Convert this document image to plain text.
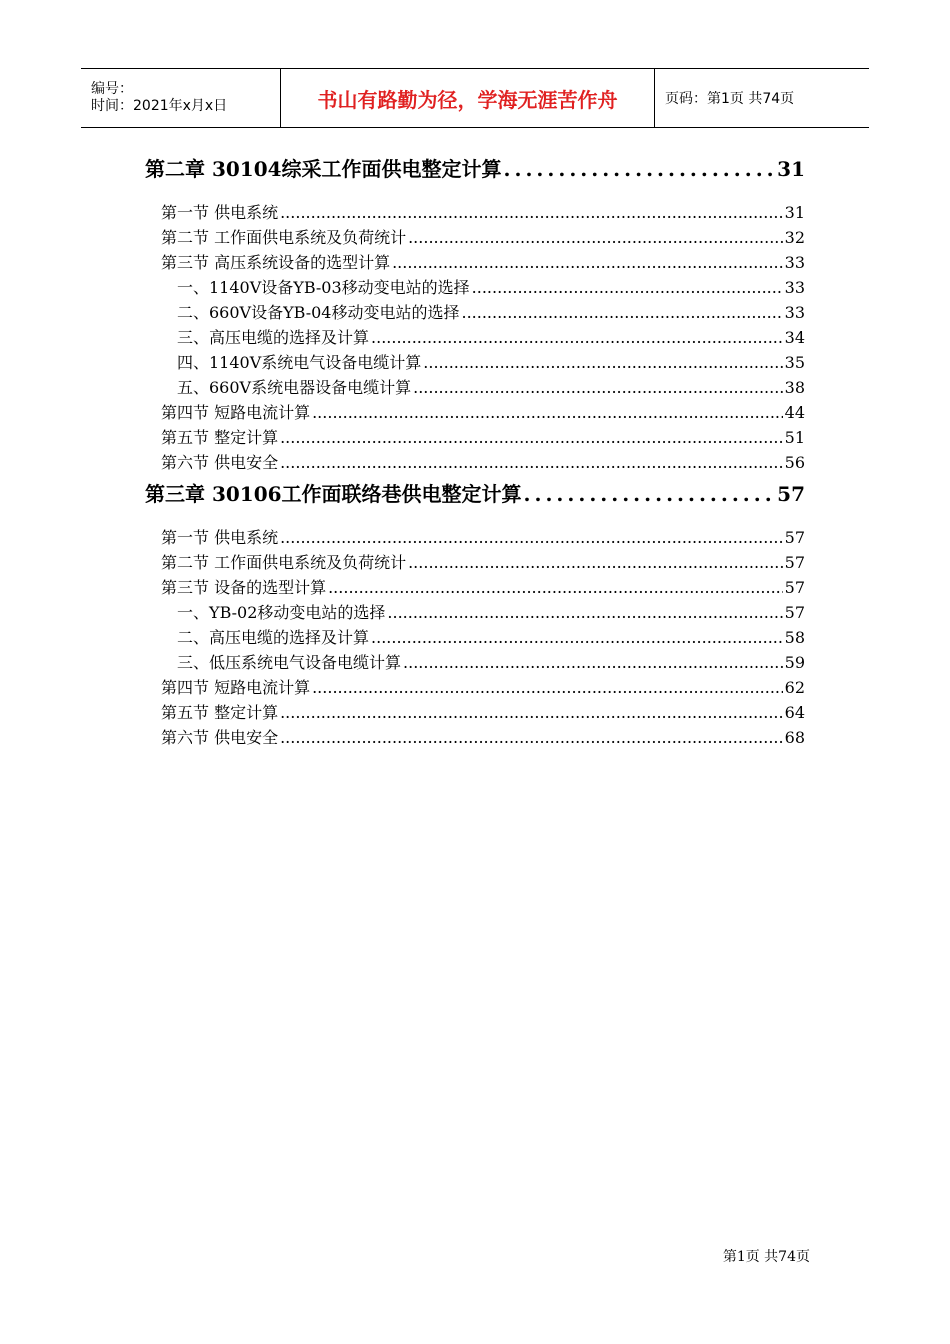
编号：
时间：2021年x月x日	书山有路勤为径，学海无涯苦作舟	页码：第1页 共74页
第二章 30104综采工作面供电整定计算 .....	31
第一节 供电系统 .....	31
第二节 工作面供电系统及负荷统计 .....	32
第三节 高压系统设备的选型计算 .....	33
一、1140V设备YB-03移动变电站的选择 .....	33
二、660V设备YB-04移动变电站的选择 .....	33
三、高压电缆的选择及计算 .....	34
四、1140V系统电气设备电缆计算 .....	35
五、660V系统电器设备电缆计算 .....	38
第四节 短路电流计算 .....	44
第五节 整定计算 .....	51
第六节 供电安全 .....	56
第三章 30106工作面联络巷供电整定计算 .....	57
第一节 供电系统 .....	57
第二节 工作面供电系统及负荷统计 .....	57
第三节 设备的选型计算 .....	57
一、YB-02移动变电站的选择 .....	57
二、高压电缆的选择及计算 .....	58
三、低压系统电气设备电缆计算 .....	59
第四节 短路电流计算 .....	62
第五节 整定计算 .....	64
第六节 供电安全 .....	68
第1页 共74页
